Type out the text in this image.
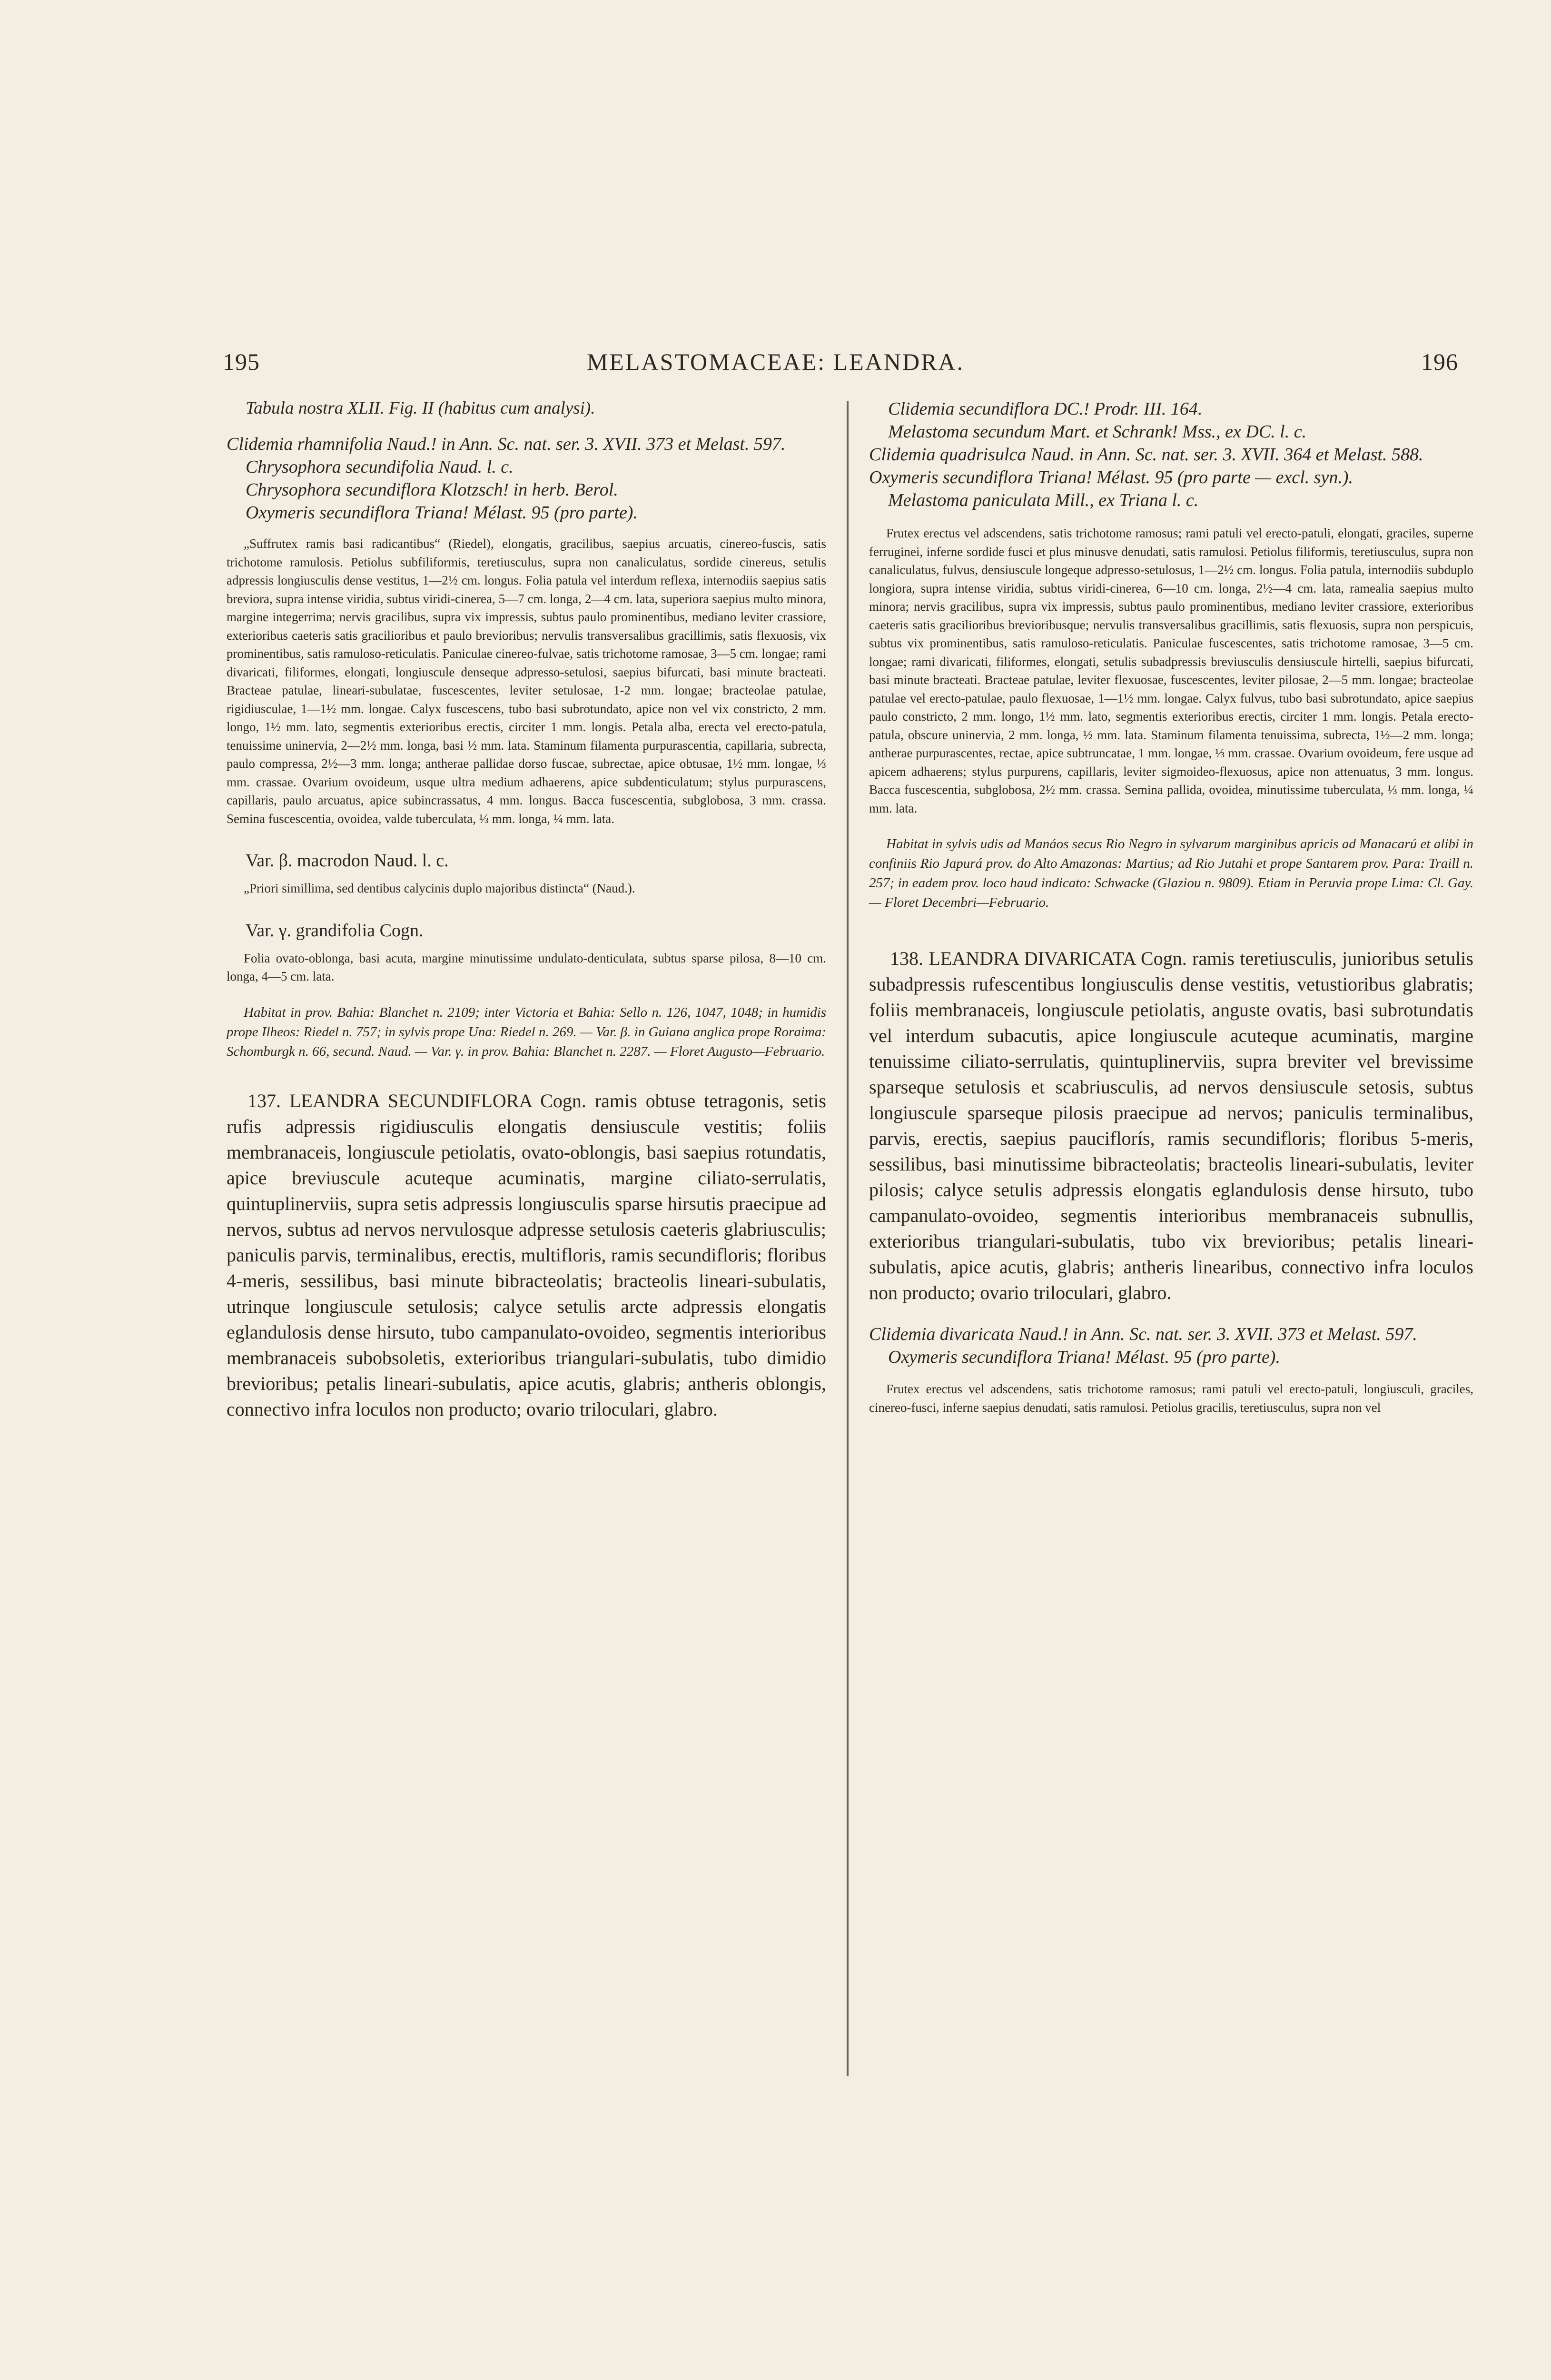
195	MELASTOMACEAE: LEANDRA.	196

Tabula nostra XLII. Fig. II (habitus cum analysi).

Clidemia rhamnifolia Naud.! in Ann. Sc. nat. ser. 3. XVII. 373 et Melast. 597.

Chrysophora secundifolia Naud. l. c.

Chrysophora secundiflora Klotzsch! in herb. Berol.

Oxymeris secundiflora Triana! Mélast. 95 (pro parte).

„Suffrutex ramis basi radicantibus“ (Riedel), elongatis, gracilibus, saepius arcuatis, cinereo-fuscis, satis trichotome ramulosis. Petiolus subfiliformis, teretiusculus, supra non canaliculatus, sordide cinereus, setulis adpressis longiusculis dense vestitus, 1—2½ cm. longus. Folia patula vel interdum reflexa, internodiis saepius satis breviora, supra intense viridia, subtus viridi-cinerea, 5—7 cm. longa, 2—4 cm. lata, superiora saepius multo minora, margine integerrima; nervis gracilibus, supra vix impressis, subtus paulo prominentibus, mediano leviter crassiore, exterioribus caeteris satis gracilioribus et paulo brevioribus; nervulis transversalibus gracillimis, satis flexuosis, vix prominentibus, satis ramuloso-reticulatis. Paniculae cinereo-fulvae, satis trichotome ramosae, 3—5 cm. longae; rami divaricati, filiformes, elongati, longiuscule denseque adpresso-setulosi, saepius bifurcati, basi minute bracteati. Bracteae patulae, lineari-subulatae, fuscescentes, leviter setulosae, 1-2 mm. longae; bracteolae patulae, rigidiusculae, 1—1½ mm. longae. Calyx fuscescens, tubo basi subrotundato, apice non vel vix constricto, 2 mm. longo, 1½ mm. lato, segmentis exterioribus erectis, circiter 1 mm. longis. Petala alba, erecta vel erecto-patula, tenuissime uninervia, 2—2½ mm. longa, basi ½ mm. lata. Staminum filamenta purpurascentia, capillaria, subrecta, paulo compressa, 2½—3 mm. longa; antherae pallidae dorso fuscae, subrectae, apice obtusae, 1½ mm. longae, ⅓ mm. crassae. Ovarium ovoideum, usque ultra medium adhaerens, apice subdenticulatum; stylus purpurascens, capillaris, paulo arcuatus, apice subincrassatus, 4 mm. longus. Bacca fuscescentia, subglobosa, 3 mm. crassa. Semina fuscescentia, ovoidea, valde tuberculata, ⅓ mm. longa, ¼ mm. lata.

Var. β. macrodon Naud. l. c.

„Priori simillima, sed dentibus calycinis duplo majoribus distincta“ (Naud.).

Var. γ. grandifolia Cogn.

Folia ovato-oblonga, basi acuta, margine minutissime undulato-denticulata, subtus sparse pilosa, 8—10 cm. longa, 4—5 cm. lata.

Habitat in prov. Bahia: Blanchet n. 2109; inter Victoria et Bahia: Sello n. 126, 1047, 1048; in humidis prope Ilheos: Riedel n. 757; in sylvis prope Una: Riedel n. 269. — Var. β. in Guiana anglica prope Roraima: Schomburgk n. 66, secund. Naud. — Var. γ. in prov. Bahia: Blanchet n. 2287. — Floret Augusto—Februario.

137. LEANDRA SECUNDIFLORA Cogn. ramis obtuse tetragonis, setis rufis adpressis rigidiusculis elongatis densiuscule vestitis; foliis membranaceis, longiuscule petiolatis, ovato-oblongis, basi saepius rotundatis, apice breviuscule acuteque acuminatis, margine ciliato-serrulatis, quintuplinerviis, supra setis adpressis longiusculis sparse hirsutis praecipue ad nervos, subtus ad nervos nervulosque adpresse setulosis caeteris glabriusculis; paniculis parvis, terminalibus, erectis, multifloris, ramis secundifloris; floribus 4-meris, sessilibus, basi minute bibracteolatis; bracteolis lineari-subulatis, utrinque longiuscule setulosis; calyce setulis arcte adpressis elongatis eglandulosis dense hirsuto, tubo campanulato-ovoideo, segmentis interioribus membranaceis subobsoletis, exterioribus triangulari-subulatis, tubo dimidio brevioribus; petalis lineari-subulatis, apice acutis, glabris; antheris oblongis, connectivo infra loculos non producto; ovario triloculari, glabro.

Clidemia secundiflora DC.! Prodr. III. 164.

Melastoma secundum Mart. et Schrank! Mss., ex DC. l. c.

Clidemia quadrisulca Naud. in Ann. Sc. nat. ser. 3. XVII. 364 et Melast. 588.

Oxymeris secundiflora Triana! Mélast. 95 (pro parte — excl. syn.).

Melastoma paniculata Mill., ex Triana l. c.

Frutex erectus vel adscendens, satis trichotome ramosus; rami patuli vel erecto-patuli, elongati, graciles, superne ferruginei, inferne sordide fusci et plus minusve denudati, satis ramulosi. Petiolus filiformis, teretiusculus, supra non canaliculatus, fulvus, densiuscule longeque adpresso-setulosus, 1—2½ cm. longus. Folia patula, internodiis subduplo longiora, supra intense viridia, subtus viridi-cinerea, 6—10 cm. longa, 2½—4 cm. lata, ramealia saepius multo minora; nervis gracilibus, supra vix impressis, subtus paulo prominentibus, mediano leviter crassiore, exterioribus caeteris satis gracilioribus brevioribusque; nervulis transversalibus gracillimis, satis flexuosis, supra non perspicuis, subtus vix prominentibus, satis ramuloso-reticulatis. Paniculae fuscescentes, satis trichotome ramosae, 3—5 cm. longae; rami divaricati, filiformes, elongati, setulis subadpressis breviusculis densiuscule hirtelli, saepius bifurcati, basi minute bracteati. Bracteae patulae, leviter flexuosae, fuscescentes, leviter pilosae, 2—5 mm. longae; bracteolae patulae vel erecto-patulae, paulo flexuosae, 1—1½ mm. longae. Calyx fulvus, tubo basi subrotundato, apice saepius paulo constricto, 2 mm. longo, 1½ mm. lato, segmentis exterioribus erectis, circiter 1 mm. longis. Petala erecto-patula, obscure uninervia, 2 mm. longa, ½ mm. lata. Staminum filamenta tenuissima, subrecta, 1½—2 mm. longa; antherae purpurascentes, rectae, apice subtruncatae, 1 mm. longae, ⅓ mm. crassae. Ovarium ovoideum, fere usque ad apicem adhaerens; stylus purpurens, capillaris, leviter sigmoideo-flexuosus, apice non attenuatus, 3 mm. longus. Bacca fuscescentia, subglobosa, 2½ mm. crassa. Semina pallida, ovoidea, minutissime tuberculata, ⅓ mm. longa, ¼ mm. lata.

Habitat in sylvis udis ad Manáos secus Rio Negro in sylvarum marginibus apricis ad Manacarú et alibi in confiniis Rio Japurá prov. do Alto Amazonas: Martius; ad Rio Jutahi et prope Santarem prov. Para: Traill n. 257; in eadem prov. loco haud indicato: Schwacke (Glaziou n. 9809). Etiam in Peruvia prope Lima: Cl. Gay. — Floret Decembri—Februario.

138. LEANDRA DIVARICATA Cogn. ramis teretiusculis, junioribus setulis subadpressis rufescentibus longiusculis dense vestitis, vetustioribus glabratis; foliis membranaceis, longiuscule petiolatis, anguste ovatis, basi subrotundatis vel interdum subacutis, apice longiuscule acuteque acuminatis, margine tenuissime ciliato-serrulatis, quintuplinerviis, supra breviter vel brevissime sparseque setulosis et scabriusculis, ad nervos densiuscule setosis, subtus longiuscule sparseque pilosis praecipue ad nervos; paniculis terminalibus, parvis, erectis, saepius pauciflorís, ramis secundifloris; floribus 5-meris, sessilibus, basi minutissime bibracteolatis; bracteolis lineari-subulatis, leviter pilosis; calyce setulis adpressis elongatis eglandulosis dense hirsuto, tubo campanulato-ovoideo, segmentis interioribus membranaceis subnullis, exterioribus triangulari-subulatis, tubo vix brevioribus; petalis lineari-subulatis, apice acutis, glabris; antheris linearibus, connectivo infra loculos non producto; ovario triloculari, glabro.

Clidemia divaricata Naud.! in Ann. Sc. nat. ser. 3. XVII. 373 et Melast. 597.

Oxymeris secundiflora Triana! Mélast. 95 (pro parte).

Frutex erectus vel adscendens, satis trichotome ramosus; rami patuli vel erecto-patuli, longiusculi, graciles, cinereo-fusci, inferne saepius denudati, satis ramulosi. Petiolus gracilis, teretiusculus, supra non vel
